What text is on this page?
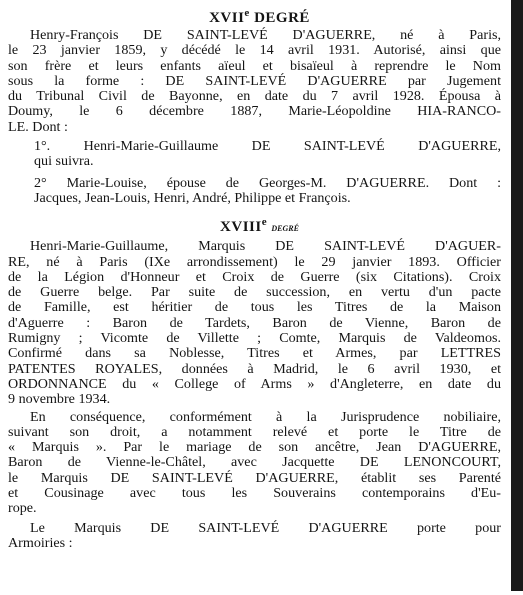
XVIIe DEGRÉ
Henry-François DE SAINT-LEVÉ D'AGUERRE, né à Paris,
le 23 janvier 1859, y décédé le 14 avril 1931. Autorisé, ainsi que
son frère et leurs enfants aïeul et bisaïeul à reprendre le Nom
sous la forme : DE SAINT-LEVÉ D'AGUERRE par Jugement
du Tribunal Civil de Bayonne, en date du 7 avril 1928. Épousa à
Doumy, le 6 décembre 1887, Marie-Léopoldine HIA-RANCO-
LE. Dont :
1°. Henri-Marie-Guillaume DE SAINT-LEVÉ D'AGUERRE,
qui suivra.
2° Marie-Louise, épouse de Georges-M. D'AGUERRE. Dont :
Jacques, Jean-Louis, Henri, André, Philippe et François.
XVIIIe degré
Henri-Marie-Guillaume, Marquis DE SAINT-LEVÉ D'AGUER-
RE, né à Paris (IXe arrondissement) le 29 janvier 1893. Officier
de la Légion d'Honneur et Croix de Guerre (six Citations). Croix
de Guerre belge. Par suite de succession, en vertu d'un pacte
de Famille, est héritier de tous les Titres de la Maison
d'Aguerre : Baron de Tardets, Baron de Vienne, Baron de
Rumigny ; Vicomte de Villette ; Comte, Marquis de Valdeomos.
Confirmé dans sa Noblesse, Titres et Armes, par LETTRES
PATENTES ROYALES, données à Madrid, le 6 avril 1930, et
ORDONNANCE du « College of Arms » d'Angleterre, en date du
9 novembre 1934.
En conséquence, conformément à la Jurisprudence nobiliaire,
suivant son droit, a notamment relevé et porte le Titre de
« Marquis ». Par le mariage de son ancêtre, Jean D'AGUERRE,
Baron de Vienne-le-Châtel, avec Jacquette DE LENONCOURT,
le Marquis DE SAINT-LEVÉ D'AGUERRE, établit ses Parenté
et Cousinage avec tous les Souverains contemporains d'Eu-
rope.
Le Marquis DE SAINT-LEVÉ D'AGUERRE porte pour
Armoiries :
